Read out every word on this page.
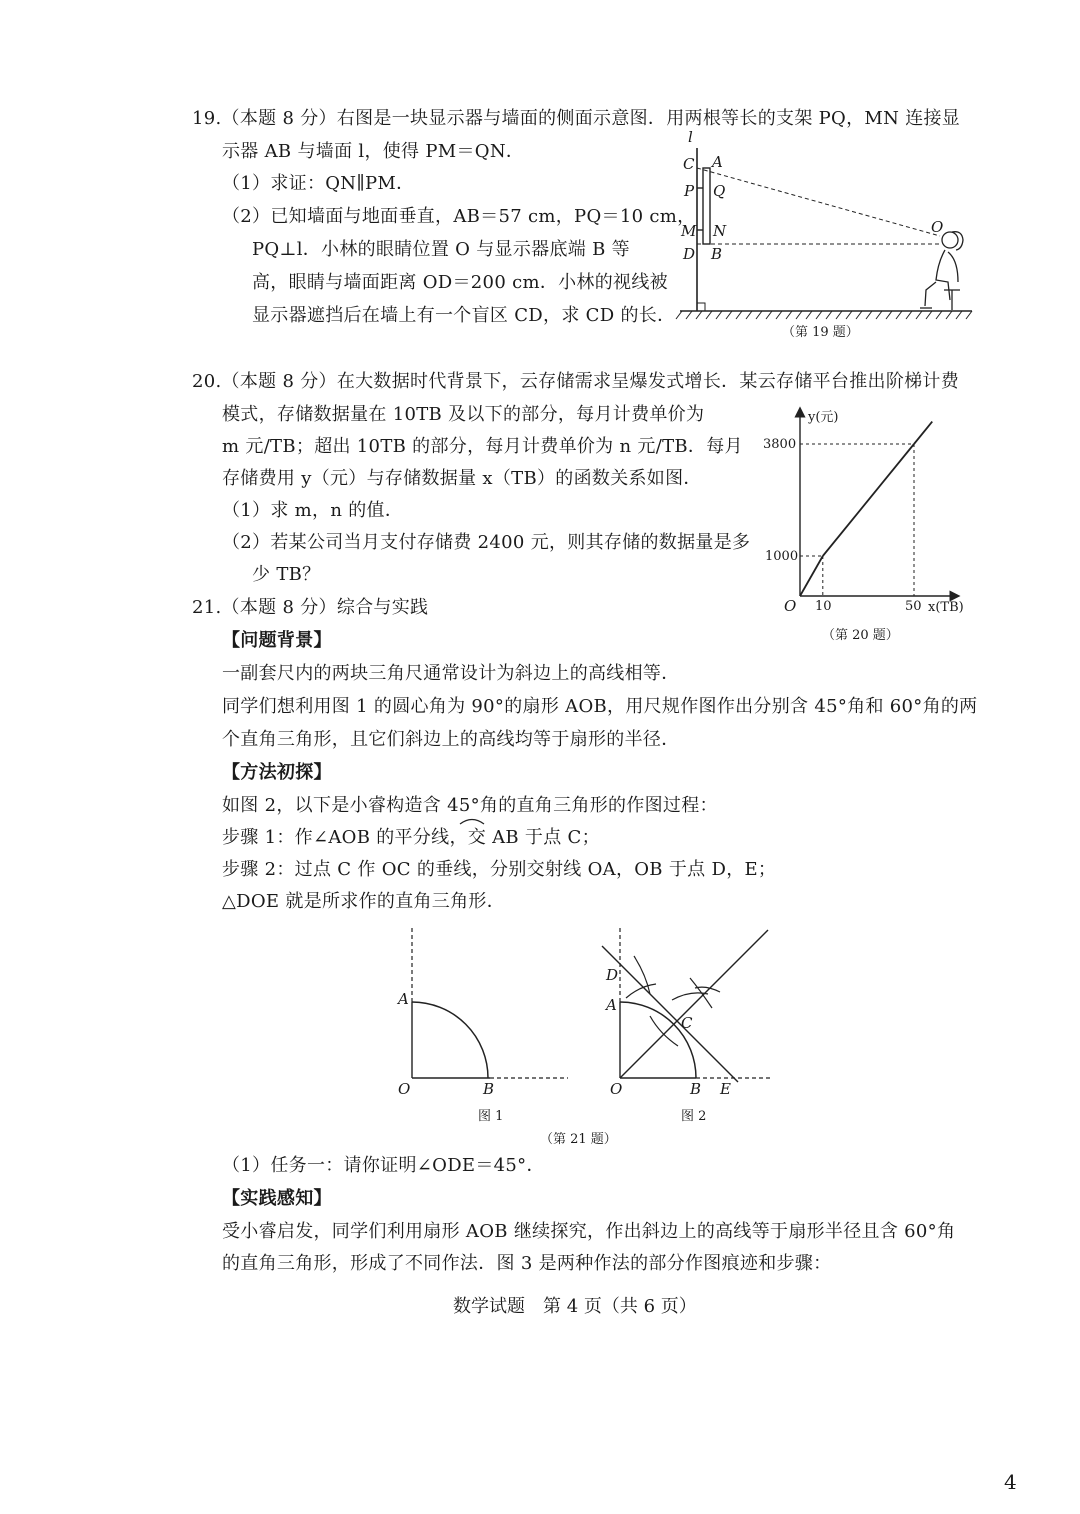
19.（本题 8 分）右图是一块显示器与墙面的侧面示意图．用两根等长的支架 PQ，MN 连接显
示器 AB 与墙面 l，使得 PM＝QN．
（1）求证：QN∥PM．
（2）已知墙面与地面垂直，AB＝57 cm，PQ＝10 cm，
PQ⊥l．小林的眼睛位置 O 与显示器底端 B 等
高，眼睛与墙面距离 OD＝200 cm．小林的视线被
显示器遮挡后在墙上有一个盲区 CD，求 CD 的长．
l
C A
P Q
M N
D B
O
（第 19 题）
20.（本题 8 分）在大数据时代背景下，云存储需求呈爆发式增长．某云存储平台推出阶梯计费
模式，存储数据量在 10TB 及以下的部分，每月计费单价为
m 元/TB；超出 10TB 的部分，每月计费单价为 n 元/TB．每月
存储费用 y（元）与存储数据量 x（TB）的函数关系如图．
（1）求 m，n 的值．
（2）若某公司当月支付存储费 2400 元，则其存储的数据量是多
少 TB？
y(元)
x(TB)
3800
1000
O 10	50
（第 20 题）
21.（本题 8 分）综合与实践
【问题背景】
一副套尺内的两块三角尺通常设计为斜边上的高线相等．
同学们想利用图 1 的圆心角为 90°的扇形 AOB，用尺规作图作出分别含 45°角和 60°角的两
个直角三角形，且它们斜边上的高线均等于扇形的半径．
【方法初探】
如图 2，以下是小睿构造含 45°角的直角三角形的作图过程：
步骤 1：作∠AOB 的平分线，交 AB 于点 C；
步骤 2：过点 C 作 OC 的垂线，分别交射线 OA，OB 于点 D，E；
△DOE 就是所求作的直角三角形．
A
O	B
图 1
D
A
C
O	B E
图 2
（第 21 题）
（1）任务一：请你证明∠ODE＝45°．
【实践感知】
受小睿启发，同学们利用扇形 AOB 继续探究，作出斜边上的高线等于扇形半径且含 60°角
的直角三角形，形成了不同作法．图 3 是两种作法的部分作图痕迹和步骤：
数学试题　第 4 页（共 6 页）
4
